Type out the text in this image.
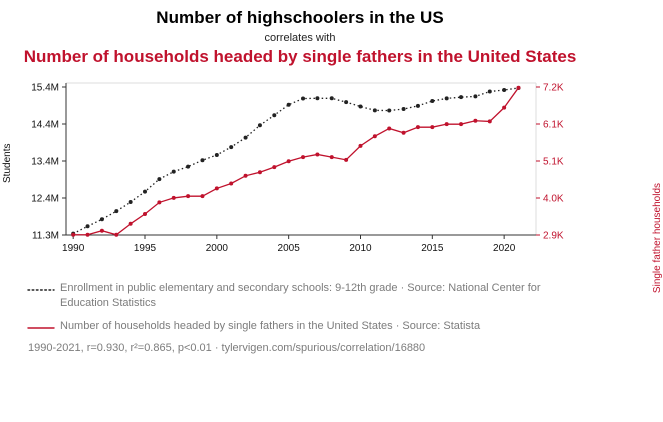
Number of highschoolers in the US
correlates with
Number of households headed by single fathers in the United States
Students
Single father households
11.3M
12.4M
13.4M
14.4M
15.4M
2.9K
4.0K
5.1K
6.1K
7.2K
1990	1995	2000	2005	2010	2015	2020
Enrollment in public elementary and secondary schools: 9-12th grade · Source: National Center for Education Statistics
Number of households headed by single fathers in the United States · Source: Statista
1990-2021, r=0.930, r²=0.865, p<0.01 · tylervigen.com/spurious/correlation/16880
